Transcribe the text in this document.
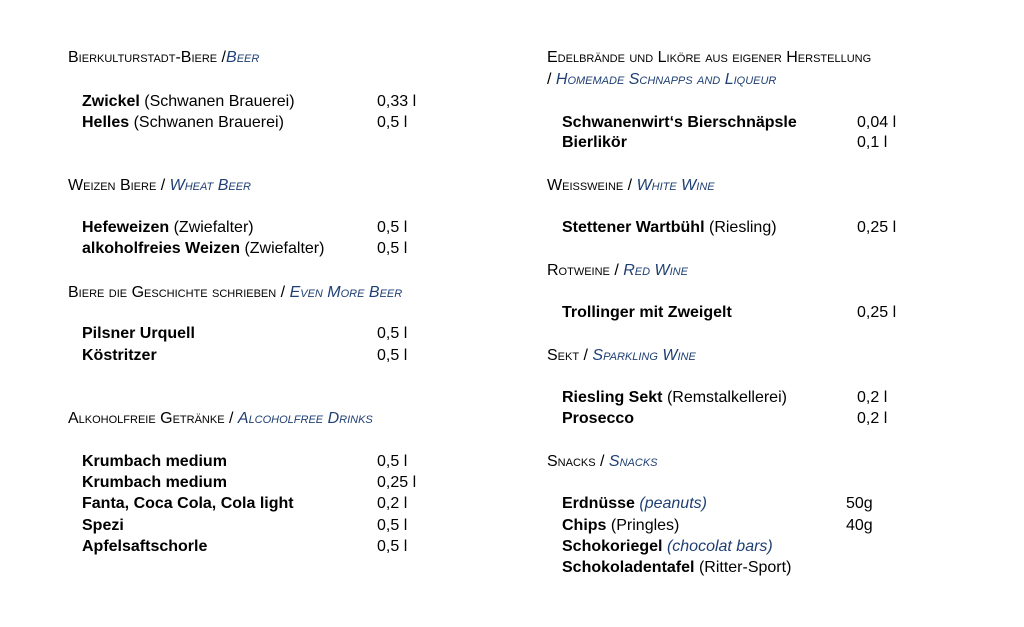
Bierkulturstadt-Biere /Beer
Zwickel (Schwanen Brauerei)	0,33 l
Helles (Schwanen Brauerei)	0,5 l
Weizen Biere / Wheat Beer
Hefeweizen (Zwiefalter)	0,5 l
alkoholfreies Weizen (Zwiefalter)	0,5 l
Biere die Geschichte schrieben / Even More Beer
Pilsner Urquell	0,5 l
Köstritzer	0,5 l
Alkoholfreie Getränke / Alcoholfree Drinks
Krumbach medium	0,5 l
Krumbach medium	0,25 l
Fanta, Coca Cola, Cola light	0,2 l
Spezi	0,5 l
Apfelsaftschorle	0,5 l
Edelbrände und Liköre aus eigener Herstellung
/ Homemade Schnapps and Liqueur
Schwanenwirt‘s Bierschnäpsle	0,04 l
Bierlikör	0,1 l
Weißweine / White Wine
Stettener Wartbühl (Riesling)	0,25 l
Rotweine / Red Wine
Trollinger mit Zweigelt	0,25 l
Sekt / Sparkling Wine
Riesling Sekt (Remstalkellerei)	0,2 l
Prosecco	0,2 l
Snacks / Snacks
Erdnüsse (peanuts)	50g
Chips (Pringles)	40g
Schokoriegel (chocolat bars)
Schokoladentafel (Ritter-Sport)
